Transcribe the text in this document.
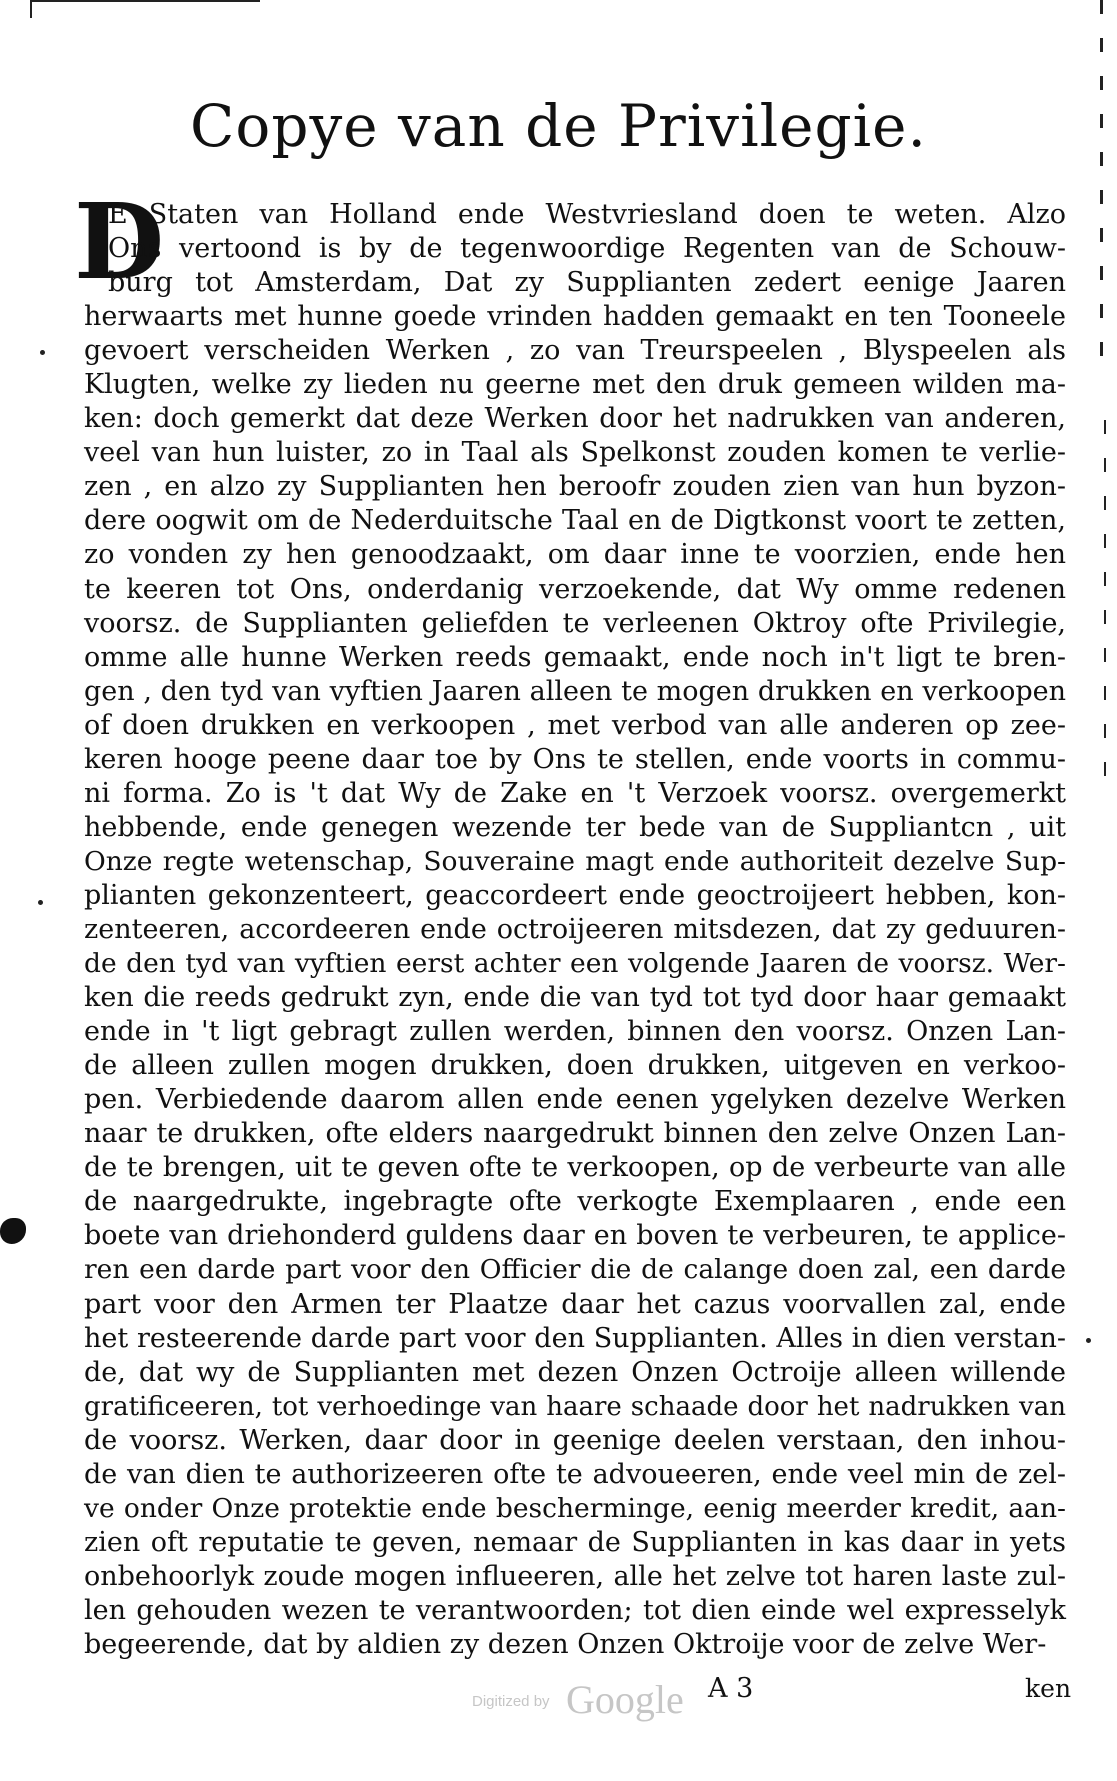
Copye van de Privilegie.
D
E Staten van Holland ende Westvriesland doen te weten. Alzo
Ons vertoond is by de tegenwoordige Regenten van de Schouw-
burg tot Amsterdam, Dat zy Supplianten zedert eenige Jaaren
herwaarts met hunne goede vrinden hadden gemaakt en ten Tooneele
gevoert verscheiden Werken , zo van Treurspeelen , Blyspeelen als
Klugten, welke zy lieden nu geerne met den druk gemeen wilden ma-
ken: doch gemerkt dat deze Werken door het nadrukken van anderen,
veel van hun luister, zo in Taal als Spelkonst zouden komen te verlie-
zen , en alzo zy Supplianten hen beroofr zouden zien van hun byzon-
dere oogwit om de Nederduitsche Taal en de Digtkonst voort te zetten,
zo vonden zy hen genoodzaakt, om daar inne te voorzien, ende hen
te keeren tot Ons, onderdanig verzoekende, dat Wy omme redenen
voorsz. de Supplianten geliefden te verleenen Oktroy ofte Privilegie,
omme alle hunne Werken reeds gemaakt, ende noch in't ligt te bren-
gen , den tyd van vyftien Jaaren alleen te mogen drukken en verkoopen
of doen drukken en verkoopen , met verbod van alle anderen op zee-
keren hooge peene daar toe by Ons te stellen, ende voorts in commu-
ni forma. Zo is 't dat Wy de Zake en 't Verzoek voorsz. overgemerkt
hebbende, ende genegen wezende ter bede van de Suppliantcn , uit
Onze regte wetenschap, Souveraine magt ende authoriteit dezelve Sup-
plianten gekonzenteert, geaccordeert ende geoctroijeert hebben, kon-
zenteeren, accordeeren ende octroijeeren mitsdezen, dat zy geduuren-
de den tyd van vyftien eerst achter een volgende Jaaren de voorsz. Wer-
ken die reeds gedrukt zyn, ende die van tyd tot tyd door haar gemaakt
ende in 't ligt gebragt zullen werden, binnen den voorsz. Onzen Lan-
de alleen zullen mogen drukken, doen drukken, uitgeven en verkoo-
pen. Verbiedende daarom allen ende eenen ygelyken dezelve Werken
naar te drukken, ofte elders naargedrukt binnen den zelve Onzen Lan-
de te brengen, uit te geven ofte te verkoopen, op de verbeurte van alle
de naargedrukte, ingebragte ofte verkogte Exemplaaren , ende een
boete van driehonderd guldens daar en boven te verbeuren, te applice-
ren een darde part voor den Officier die de calange doen zal, een darde
part voor den Armen ter Plaatze daar het cazus voorvallen zal, ende
het resteerende darde part voor den Supplianten. Alles in dien verstan-
de, dat wy de Supplianten met dezen Onzen Octroije alleen willende
gratificeeren, tot verhoedinge van haare schaade door het nadrukken van
de voorsz. Werken, daar door in geenige deelen verstaan, den inhou-
de van dien te authorizeeren ofte te advoueeren, ende veel min de zel-
ve onder Onze protektie ende bescherminge, eenig meerder kredit, aan-
zien oft reputatie te geven, nemaar de Supplianten in kas daar in yets
onbehoorlyk zoude mogen influeeren, alle het zelve tot haren laste zul-
len gehouden wezen te verantwoorden; tot dien einde wel expresselyk
begeerende, dat by aldien zy dezen Onzen Oktroije voor de zelve Wer-
A 3	ken
Digitized by Google
